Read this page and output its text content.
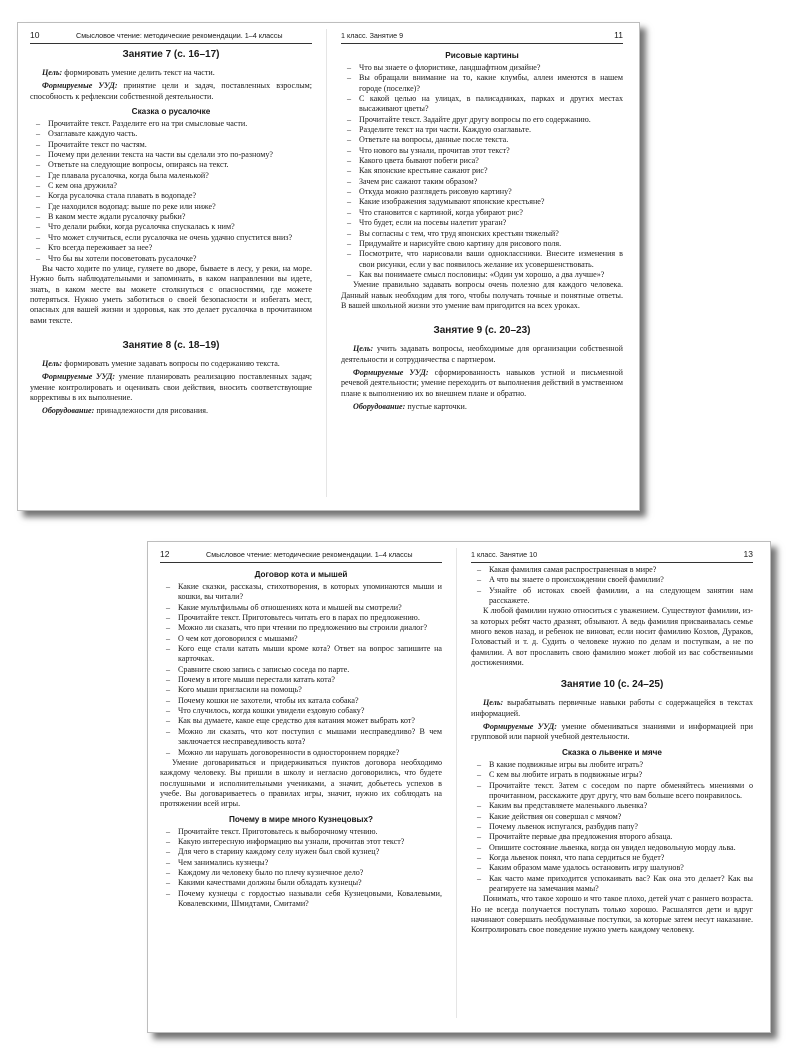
10	Смысловое чтение: методические рекомендации. 1–4 классы
Занятие 7 (с. 16–17)

Цель: формировать умение делить текст на части.

Формируемые УУД: принятие цели и задач, поставленных взрослым; способность к рефлексии собственной деятельности.

Сказка о русалочке

– Прочитайте текст. Разделите его на три смысловые части.

– Озаглавьте каждую часть.

– Прочитайте текст по частям.

– Почему при делении текста на части вы сделали это по-разному?

– Ответьте на следующие вопросы, опираясь на текст.

– Где плавала русалочка, когда была маленькой?

– С кем она дружила?

– Когда русалочка стала плавать в водопаде?

– Где находился водопад: выше по реке или ниже?

– В каком месте ждали русалочку рыбки?

– Что делали рыбки, когда русалочка спускалась к ним?

– Что может случиться, если русалочка не очень удачно спустится вниз?

– Кто всегда переживает за нее?

– Что бы вы хотели посоветовать русалочке?

Вы часто ходите по улице, гуляете во дворе, бываете в лесу, у реки, на море. Нужно быть наблюдательными и запоминать, в каком направлении вы идете, знать, в каком месте вы можете столкнуться с опасностями, где можете потеряться. Нужно уметь заботиться о своей безопасности и избегать мест, опасных для вашей жизни и здоровья, как это делает русалочка в прочитанном вами тексте.

Занятие 8 (с. 18–19)

Цель: формировать умение задавать вопросы по содержанию текста.

Формируемые УУД: умение планировать реализацию поставленных задач; умение контролировать и оценивать свои действия, вносить соответствующие коррективы в их выполнение.

Оборудование: принадлежности для рисования.

1 класс. Занятие 9	11
Рисовые картины

– Что вы знаете о флористике, ландшафтном дизайне?

– Вы обращали внимание на то, какие клумбы, аллеи имеются в нашем городе (поселке)?

– С какой целью на улицах, в палисадниках, парках и других местах высаживают цветы?

– Прочитайте текст. Задайте друг другу вопросы по его содержанию.

– Разделите текст на три части. Каждую озаглавьте.

– Ответьте на вопросы, данные после текста.

– Что нового вы узнали, прочитав этот текст?

– Какого цвета бывают побеги риса?

– Как японские крестьяне сажают рис?

– Зачем рис сажают таким образом?

– Откуда можно разглядеть рисовую картину?

– Какие изображения задумывают японские крестьяне?

– Что становится с картиной, когда убирают рис?

– Что будет, если на посевы налетит ураган?

– Вы согласны с тем, что труд японских крестьян тяжелый?

– Придумайте и нарисуйте свою картину для рисового поля.

– Посмотрите, что нарисовали ваши одноклассники. Внесите изменения в свои рисунки, если у вас появилось желание их усовершенствовать.

– Как вы понимаете смысл пословицы: «Один ум хорошо, а два лучше»?

Умение правильно задавать вопросы очень полезно для каждого человека. Данный навык необходим для того, чтобы получать точные и понятные ответы. В вашей школьной жизни это умение вам пригодится на всех уроках.

Занятие 9 (с. 20–23)

Цель: учить задавать вопросы, необходимые для организации собственной деятельности и сотрудничества с партнером.

Формируемые УУД: сформированность навыков устной и письменной речевой деятельности; умение переходить от выполнения действий в умственном плане к выполнению их во внешнем плане и обратно.

Оборудование: пустые карточки.

12	Смысловое чтение: методические рекомендации. 1–4 классы
Договор кота и мышей

– Какие сказки, рассказы, стихотворения, в которых упоминаются мыши и кошки, вы читали?

– Какие мультфильмы об отношениях кота и мышей вы смотрели?

– Прочитайте текст. Приготовьтесь читать его в парах по предложению.

– Можно ли сказать, что при чтении по предложению вы строили диалог?

– О чем кот договорился с мышами?

– Кого еще стали катать мыши кроме кота? Ответ на вопрос запишите на карточках.

– Сравните свою запись с записью соседа по парте.

– Почему в итоге мыши перестали катать кота?

– Кого мыши пригласили на помощь?

– Почему кошки не захотели, чтобы их катала собака?

– Что случилось, когда кошки увидели ездовую собаку?

– Как вы думаете, какое еще средство для катания может выбрать кот?

– Можно ли сказать, что кот поступил с мышами несправедливо? В чем заключается несправедливость кота?

– Можно ли нарушать договоренности в одностороннем порядке?

Умение договариваться и придерживаться пунктов договора необходимо каждому человеку. Вы пришли в школу и негласно договорились, что будете послушными и исполнительными учениками, а значит, добьетесь успехов в учебе. Вы договариваетесь о правилах игры, значит, нужно их соблюдать на протяжении всей игры.

Почему в мире много Кузнецовых?

– Прочитайте текст. Приготовьтесь к выборочному чтению.

– Какую интересную информацию вы узнали, прочитав этот текст?

– Для чего в старину каждому селу нужен был свой кузнец?

– Чем занимались кузнецы?

– Каждому ли человеку было по плечу кузнечное дело?

– Какими качествами должны были обладать кузнецы?

– Почему кузнецы с гордостью называли себя Кузнецовыми, Ковалевыми, Ковалевскими, Шмидтами, Смитами?

1 класс. Занятие 10	13

– Какая фамилия самая распространенная в мире?

– А что вы знаете о происхождении своей фамилии?

– Узнайте об истоках своей фамилии, а на следующем занятии нам расскажете.

К любой фамилии нужно относиться с уважением. Существуют фамилии, из-за которых ребят часто дразнят, обзывают. А ведь фамилия присваивалась семье много веков назад, и ребенок не виноват, если носит фамилию Козлов, Дураков, Головастый и т. д. Судить о человеке нужно по делам и поступкам, а не по фамилии. А вот прославить свою фамилию может любой из вас собственными достижениями.

Занятие 10 (с. 24–25)

Цель: вырабатывать первичные навыки работы с содержащейся в текстах информацией.

Формируемые УУД: умение обмениваться знаниями и информацией при групповой или парной учебной деятельности.

Сказка о львенке и мяче

– В какие подвижные игры вы любите играть?

– С кем вы любите играть в подвижные игры?

– Прочитайте текст. Затем с соседом по парте обменяйтесь мнениями о прочитанном, расскажите друг другу, что вам больше всего понравилось.

– Каким вы представляете маленького львенка?

– Какие действия он совершал с мячом?

– Почему львенок испугался, разбудив папу?

– Прочитайте первые два предложения второго абзаца.

– Опишите состояние львенка, когда он увидел недовольную морду льва.

– Когда львенок понял, что папа сердиться не будет?

– Каким образом маме удалось остановить игру шалунов?

– Как часто маме приходится успокаивать вас? Как она это делает? Как вы реагируете на замечания мамы?

Понимать, что такое хорошо и что такое плохо, детей учат с раннего возраста. Но не всегда получается поступать только хорошо. Расшалятся дети и вдруг начинают совершать необдуманные поступки, за которые затем несут наказание. Контролировать свое поведение нужно уметь каждому человеку.
